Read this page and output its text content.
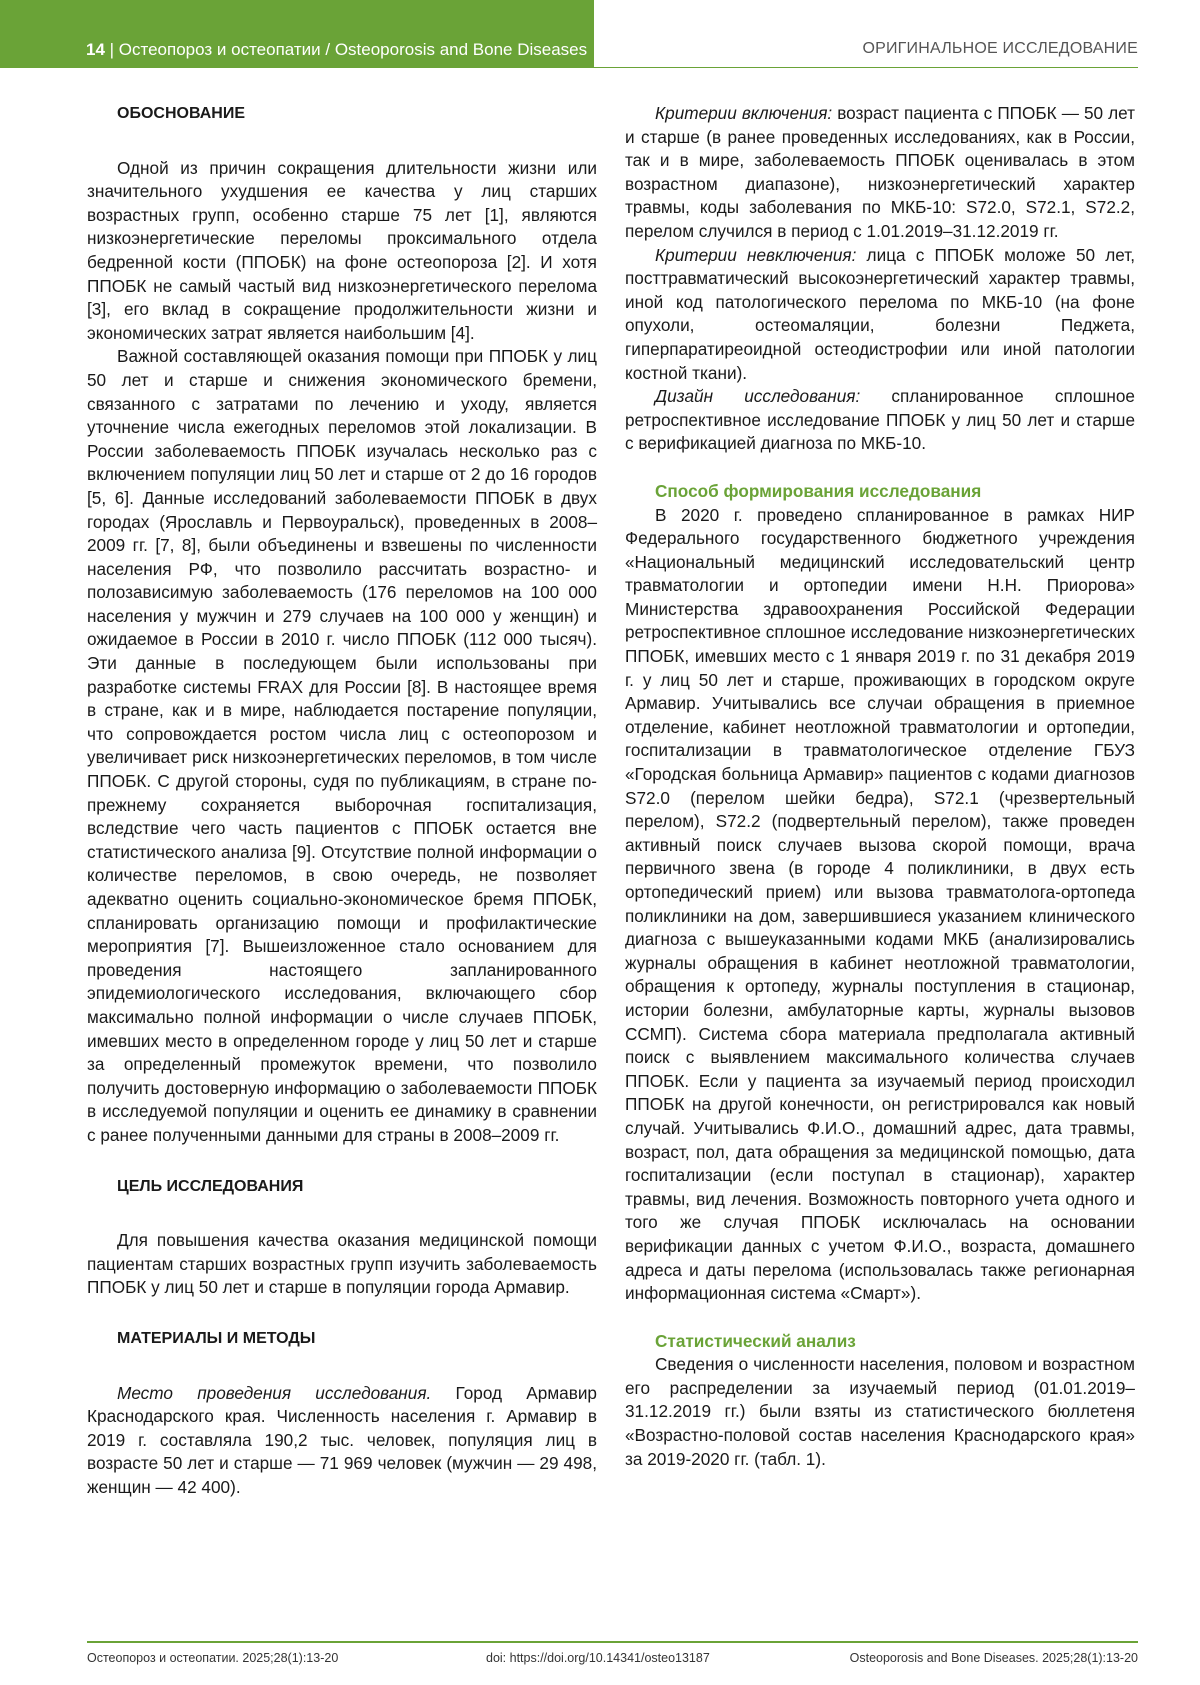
14 | Остеопороз и остеопатии / Osteoporosis and Bone Diseases	ОРИГИНАЛЬНОЕ ИССЛЕДОВАНИЕ
ОБОСНОВАНИЕ

Одной из причин сокращения длительности жизни или значительного ухудшения ее качества у лиц старших возрастных групп, особенно старше 75 лет [1], являются низкоэнергетические переломы проксимального отдела бедренной кости (ППОБК) на фоне остеопороза [2]. И хотя ППОБК не самый частый вид низкоэнергетического перелома [3], его вклад в сокращение продолжительности жизни и экономических затрат является наибольшим [4].

Важной составляющей оказания помощи при ППОБК у лиц 50 лет и старше и снижения экономического бремени, связанного с затратами по лечению и уходу, является уточнение числа ежегодных переломов этой локализации. В России заболеваемость ППОБК изучалась несколько раз с включением популяции лиц 50 лет и старше от 2 до 16 городов [5, 6]. Данные исследований заболеваемости ППОБК в двух городах (Ярославль и Первоуральск), проведенных в 2008–2009 гг. [7, 8], были объединены и взвешены по численности населения РФ, что позволило рассчитать возрастно- и полозависимую заболеваемость (176 переломов на 100 000 населения у мужчин и 279 случаев на 100 000 у женщин) и ожидаемое в России в 2010 г. число ППОБК (112 000 тысяч). Эти данные в последующем были использованы при разработке системы FRAX для России [8]. В настоящее время в стране, как и в мире, наблюдается постарение популяции, что сопровождается ростом числа лиц с остеопорозом и увеличивает риск низкоэнергетических переломов, в том числе ППОБК. С другой стороны, судя по публикациям, в стране по-прежнему сохраняется выборочная госпитализация, вследствие чего часть пациентов с ППОБК остается вне статистического анализа [9]. Отсутствие полной информации о количестве переломов, в свою очередь, не позволяет адекватно оценить социально-экономическое бремя ППОБК, спланировать организацию помощи и профилактические мероприятия [7]. Вышеизложенное стало основанием для проведения настоящего запланированного эпидемиологического исследования, включающего сбор максимально полной информации о числе случаев ППОБК, имевших место в определенном городе у лиц 50 лет и старше за определенный промежуток времени, что позволило получить достоверную информацию о заболеваемости ППОБК в исследуемой популяции и оценить ее динамику в сравнении с ранее полученными данными для страны в 2008–2009 гг.

ЦЕЛЬ ИССЛЕДОВАНИЯ

Для повышения качества оказания медицинской помощи пациентам старших возрастных групп изучить заболеваемость ППОБК у лиц 50 лет и старше в популяции города Армавир.

МАТЕРИАЛЫ И МЕТОДЫ

Место проведения исследования. Город Армавир Краснодарского края. Численность населения г. Армавир в 2019 г. составляла 190,2 тыс. человек, популяция лиц в возрасте 50 лет и старше — 71 969 человек (мужчин — 29 498, женщин — 42 400).

Критерии включения: возраст пациента с ППОБК — 50 лет и старше (в ранее проведенных исследованиях, как в России, так и в мире, заболеваемость ППОБК оценивалась в этом возрастном диапазоне), низкоэнергетический характер травмы, коды заболевания по МКБ-10: S72.0, S72.1, S72.2, перелом случился в период с 1.01.2019–31.12.2019 гг.

Критерии невключения: лица с ППОБК моложе 50 лет, посттравматический высокоэнергетический характер травмы, иной код патологического перелома по МКБ-10 (на фоне опухоли, остеомаляции, болезни Педжета, гиперпаратиреоидной остеодистрофии или иной патологии костной ткани).

Дизайн исследования: спланированное сплошное ретроспективное исследование ППОБК у лиц 50 лет и старше с верификацией диагноза по МКБ-10.

Способ формирования исследования

В 2020 г. проведено спланированное в рамках НИР Федерального государственного бюджетного учреждения «Национальный медицинский исследовательский центр травматологии и ортопедии имени Н.Н. Приорова» Министерства здравоохранения Российской Федерации ретроспективное сплошное исследование низкоэнергетических ППОБК, имевших место с 1 января 2019 г. по 31 декабря 2019 г. у лиц 50 лет и старше, проживающих в городском округе Армавир. Учитывались все случаи обращения в приемное отделение, кабинет неотложной травматологии и ортопедии, госпитализации в травматологическое отделение ГБУЗ «Городская больница Армавир» пациентов с кодами диагнозов S72.0 (перелом шейки бедра), S72.1 (чрезвертельный перелом), S72.2 (подвертельный перелом), также проведен активный поиск случаев вызова скорой помощи, врача первичного звена (в городе 4 поликлиники, в двух есть ортопедический прием) или вызова травматолога-ортопеда поликлиники на дом, завершившиеся указанием клинического диагноза с вышеуказанными кодами МКБ (анализировались журналы обращения в кабинет неотложной травматологии, обращения к ортопеду, журналы поступления в стационар, истории болезни, амбулаторные карты, журналы вызовов ССМП). Система сбора материала предполагала активный поиск с выявлением максимального количества случаев ППОБК. Если у пациента за изучаемый период происходил ППОБК на другой конечности, он регистрировался как новый случай. Учитывались Ф.И.О., домашний адрес, дата травмы, возраст, пол, дата обращения за медицинской помощью, дата госпитализации (если поступал в стационар), характер травмы, вид лечения. Возможность повторного учета одного и того же случая ППОБК исключалась на основании верификации данных с учетом Ф.И.О., возраста, домашнего адреса и даты перелома (использовалась также регионарная информационная система «Смарт»).

Статистический анализ

Сведения о численности населения, половом и возрастном его распределении за изучаемый период (01.01.2019–31.12.2019 гг.) были взяты из статистического бюллетеня «Возрастно-половой состав населения Краснодарского края» за 2019-2020 гг. (табл. 1).

Остеопороз и остеопатии. 2025;28(1):13-20	doi: https://doi.org/10.14341/osteo13187	Osteoporosis and Bone Diseases. 2025;28(1):13-20
